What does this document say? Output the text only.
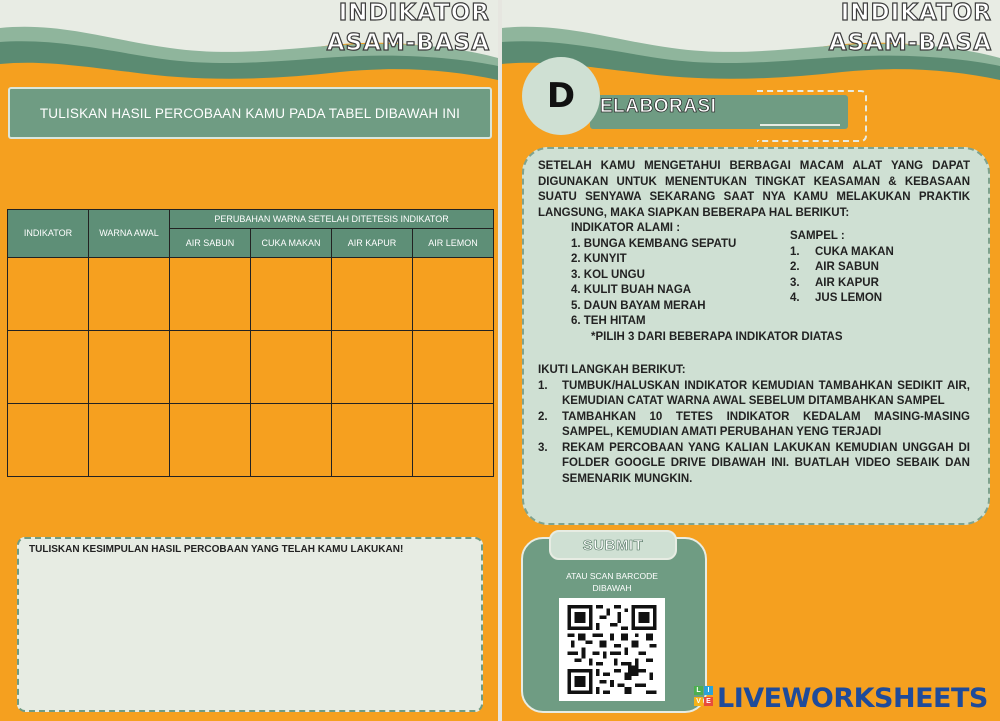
INDIKATOR
ASAM-BASA
TULISKAN HASIL PERCOBAAN KAMU PADA TABEL DIBAWAH INI
INDIKATOR	WARNA AWAL	PERUBAHAN WARNA SETELAH DITETESIS INDIKATOR			
		AIR SABUN	CUKA MAKAN	AIR KAPUR	AIR LEMON

TULISKAN KESIMPULAN HASIL PERCOBAAN YANG TELAH KAMU LAKUKAN!
INDIKATOR
ASAM-BASA
ELABORASI
D
SETELAH KAMU MENGETAHUI BERBAGAI MACAM ALAT YANG DAPAT DIGUNAKAN UNTUK MENENTUKAN TINGKAT KEASAMAN & KEBASAAN SUATU SENYAWA SEKARANG SAAT NYA KAMU MELAKUKAN PRAKTIK LANGSUNG, MAKA SIAPKAN BEBERAPA HAL BERIKUT:
INDIKATOR ALAMI :
1. BUNGA KEMBANG SEPATU
2. KUNYIT
3. KOL UNGU
4. KULIT BUAH NAGA
5. DAUN BAYAM MERAH
6. TEH HITAM
*PILIH 3 DARI BEBERAPA INDIKATOR DIATAS
SAMPEL :
1.	CUKA MAKAN
2.	AIR SABUN
3.	AIR KAPUR
4.	JUS LEMON
IKUTI LANGKAH BERIKUT:
1.	TUMBUK/HALUSKAN INDIKATOR KEMUDIAN TAMBAHKAN SEDIKIT AIR, KEMUDIAN CATAT WARNA AWAL SEBELUM DITAMBAHKAN SAMPEL
2.	TAMBAHKAN 10 TETES INDIKATOR KEDALAM MASING-MASING SAMPEL, KEMUDIAN AMATI PERUBAHAN YENG TERJADI
3.	REKAM PERCOBAAN YANG KALIAN LAKUKAN KEMUDIAN UNGGAH DI FOLDER GOOGLE DRIVE DIBAWAH INI. BUATLAH VIDEO SEBAIK DAN SEMENARIK MUNGKIN.
SUBMIT
ATAU SCAN BARCODE DIBAWAH
L I
V E LIVEWORKSHEETS
